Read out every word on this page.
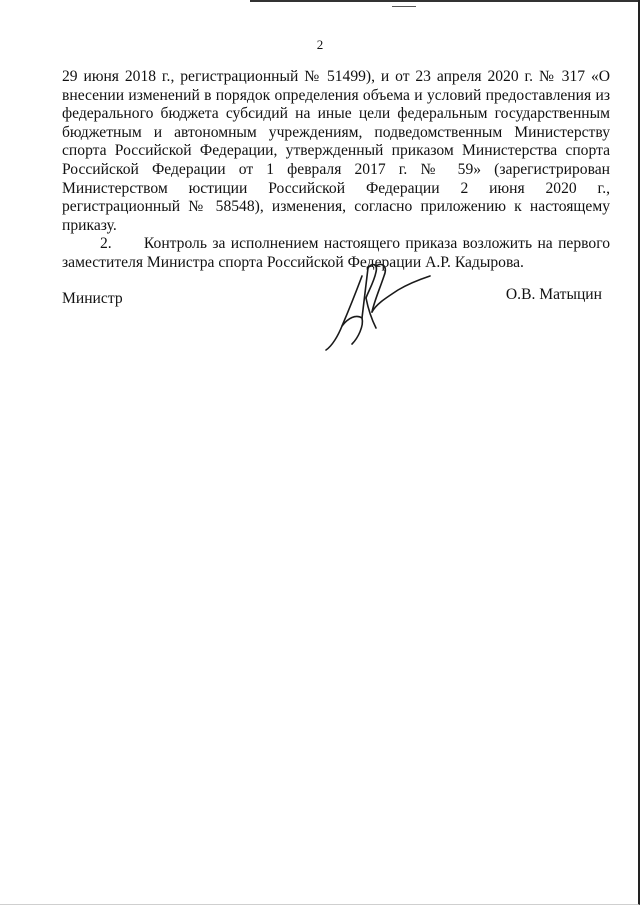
2

29 июня 2018 г., регистрационный № 51499), и от 23 апреля 2020 г. № 317 «О внесении изменений в порядок определения объема и условий предоставления из федерального бюджета субсидий на иные цели федеральным государственным бюджетным и автономным учреждениям, подведомственным Министерству спорта Российской Федерации, утвержденный приказом Министерства спорта Российской Федерации от 1 февраля 2017 г. № 59» (зарегистрирован Министерством юстиции Российской Федерации 2 июня 2020 г., регистрационный № 58548), изменения, согласно приложению к настоящему приказу.

2.      Контроль за исполнением настоящего приказа возложить на первого заместителя Министра спорта Российской Федерации А.Р. Кадырова.

Министр	О.В. Матыцин
